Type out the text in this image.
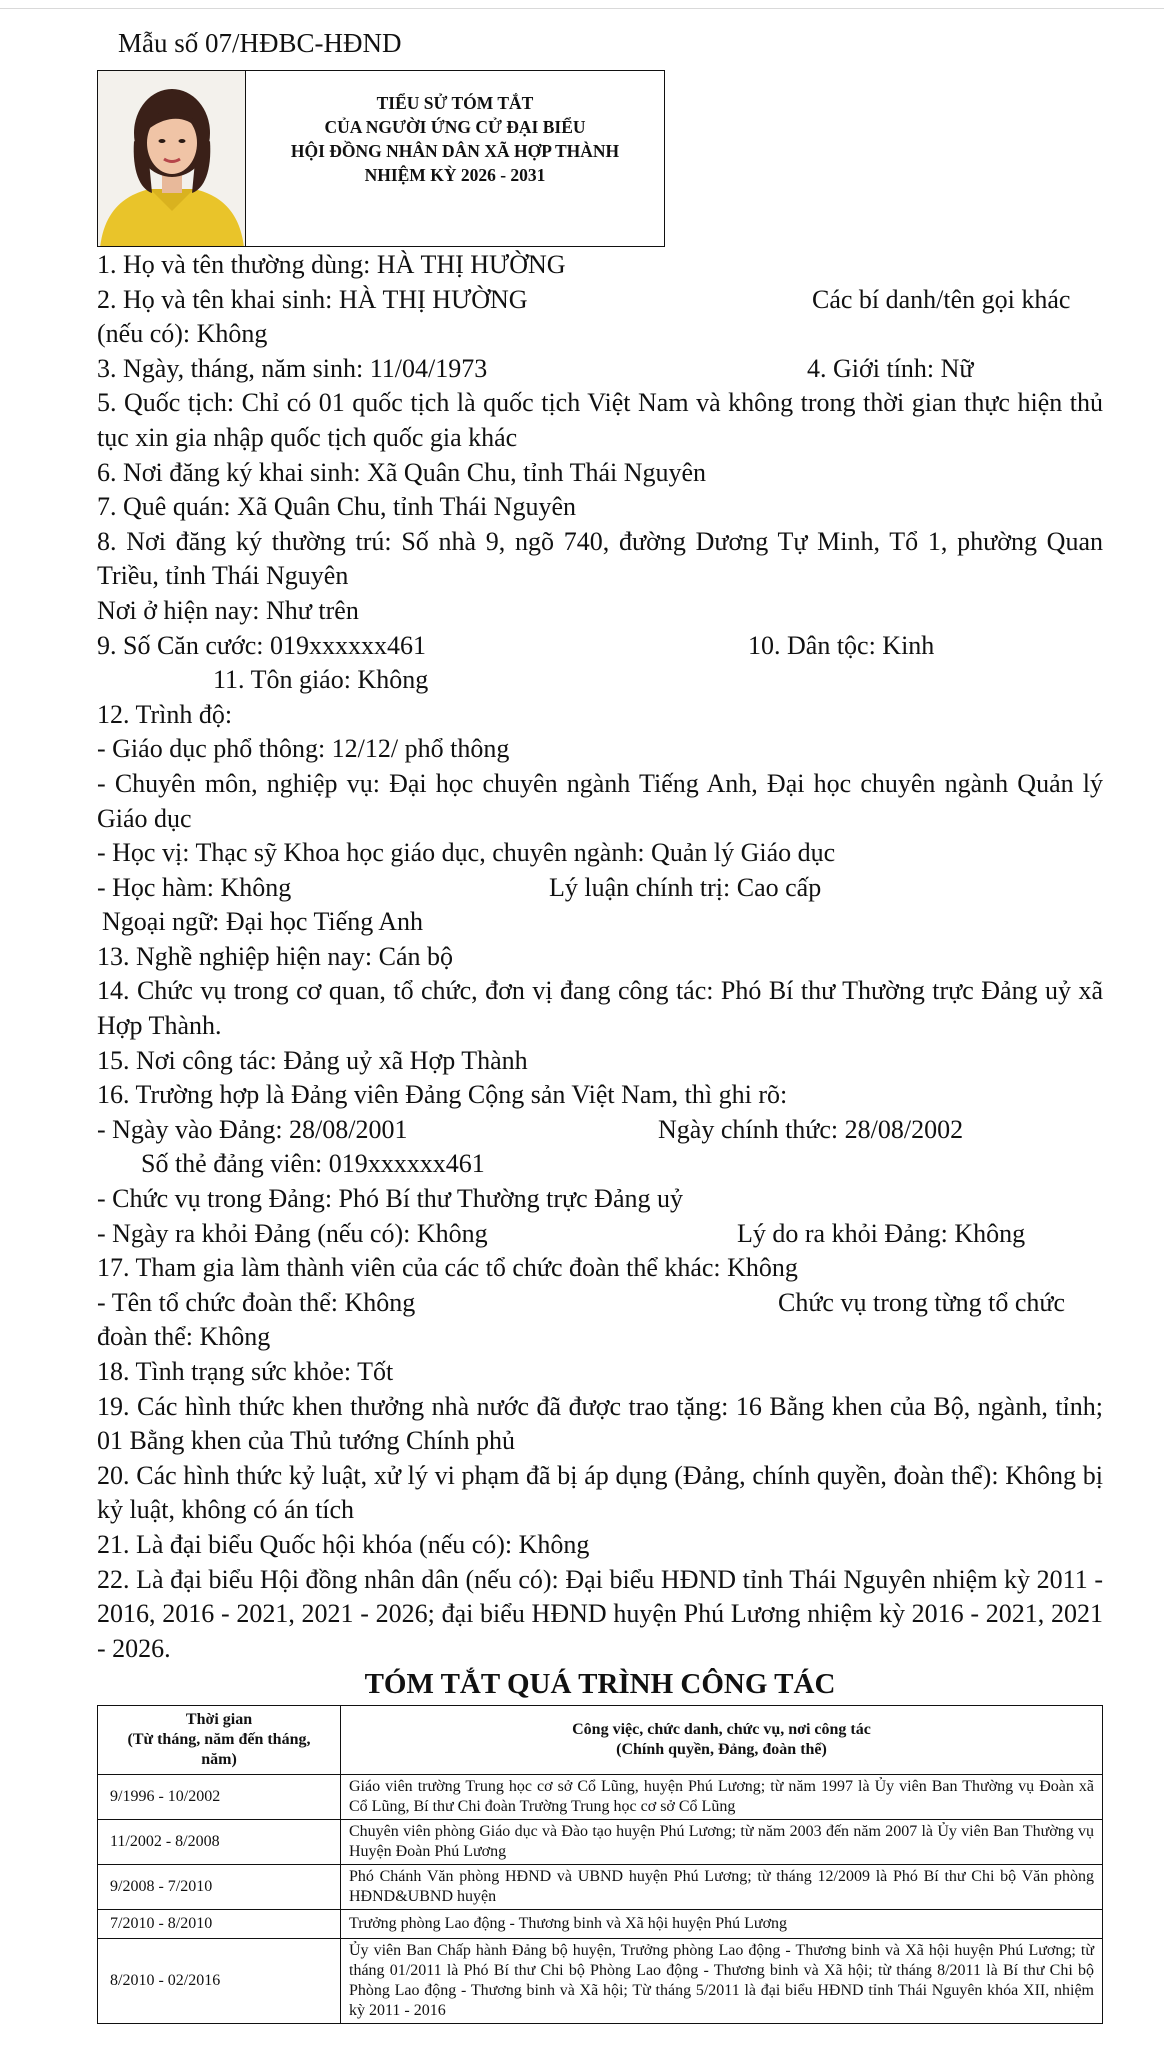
Mẫu số 07/HĐBC-HĐND
TIỂU SỬ TÓM TẮT
CỦA NGƯỜI ỨNG CỬ ĐẠI BIỂU
HỘI ĐỒNG NHÂN DÂN XÃ HỢP THÀNH
NHIỆM KỲ 2026 - 2031
1. Họ và tên thường dùng: HÀ THỊ HƯỜNG
2. Họ và tên khai sinh: HÀ THỊ HƯỜNG	Các bí danh/tên gọi khác
(nếu có): Không
3. Ngày, tháng, năm sinh: 11/04/1973	4. Giới tính: Nữ
5. Quốc tịch: Chỉ có 01 quốc tịch là quốc tịch Việt Nam và không trong thời gian thực hiện thủ tục xin gia nhập quốc tịch quốc gia khác
6. Nơi đăng ký khai sinh: Xã Quân Chu, tỉnh Thái Nguyên
7. Quê quán: Xã Quân Chu, tỉnh Thái Nguyên
8. Nơi đăng ký thường trú: Số nhà 9, ngõ 740, đường Dương Tự Minh, Tổ 1, phường Quan Triều, tỉnh Thái Nguyên
Nơi ở hiện nay: Như trên
9. Số Căn cước: 019xxxxxx461	10. Dân tộc: Kinh
11. Tôn giáo: Không
12. Trình độ:
- Giáo dục phổ thông: 12/12/ phổ thông
- Chuyên môn, nghiệp vụ: Đại học chuyên ngành Tiếng Anh, Đại học chuyên ngành Quản lý Giáo dục
- Học vị: Thạc sỹ Khoa học giáo dục, chuyên ngành: Quản lý Giáo dục
- Học hàm: Không	Lý luận chính trị: Cao cấp
Ngoại ngữ: Đại học Tiếng Anh
13. Nghề nghiệp hiện nay: Cán bộ
14. Chức vụ trong cơ quan, tổ chức, đơn vị đang công tác: Phó Bí thư Thường trực Đảng uỷ xã Hợp Thành.
15. Nơi công tác: Đảng uỷ xã Hợp Thành
16. Trường hợp là Đảng viên Đảng Cộng sản Việt Nam, thì ghi rõ:
- Ngày vào Đảng: 28/08/2001	Ngày chính thức: 28/08/2002
Số thẻ đảng viên: 019xxxxxx461
- Chức vụ trong Đảng: Phó Bí thư Thường trực Đảng uỷ
- Ngày ra khỏi Đảng (nếu có): Không	Lý do ra khỏi Đảng: Không
17. Tham gia làm thành viên của các tổ chức đoàn thể khác: Không
- Tên tổ chức đoàn thể: Không	Chức vụ trong từng tổ chức
đoàn thể: Không
18. Tình trạng sức khỏe: Tốt
19. Các hình thức khen thưởng nhà nước đã được trao tặng: 16 Bằng khen của Bộ, ngành, tỉnh; 01 Bằng khen của Thủ tướng Chính phủ
20. Các hình thức kỷ luật, xử lý vi phạm đã bị áp dụng (Đảng, chính quyền, đoàn thể): Không bị kỷ luật, không có án tích
21. Là đại biểu Quốc hội khóa (nếu có): Không
22. Là đại biểu Hội đồng nhân dân (nếu có): Đại biểu HĐND tỉnh Thái Nguyên nhiệm kỳ 2011 - 2016, 2016 - 2021, 2021 - 2026; đại biểu HĐND huyện Phú Lương nhiệm kỳ 2016 - 2021, 2021 - 2026.
TÓM TẮT QUÁ TRÌNH CÔNG TÁC
Thời gian
(Từ tháng, năm đến tháng,
năm)	Công việc, chức danh, chức vụ, nơi công tác
(Chính quyền, Đảng, đoàn thể)

9/1996 - 10/2002	Giáo viên trường Trung học cơ sở Cổ Lũng, huyện Phú Lương; từ năm 1997 là Ủy viên Ban Thường vụ Đoàn xã Cổ Lũng, Bí thư Chi đoàn Trường Trung học cơ sở Cổ Lũng
11/2002 - 8/2008	Chuyên viên phòng Giáo dục và Đào tạo huyện Phú Lương; từ năm 2003 đến năm 2007 là Ủy viên Ban Thường vụ Huyện Đoàn Phú Lương
9/2008 - 7/2010	Phó Chánh Văn phòng HĐND và UBND huyện Phú Lương; từ tháng 12/2009 là Phó Bí thư Chi bộ Văn phòng HĐND&UBND huyện
7/2010 - 8/2010	Trưởng phòng Lao động - Thương binh và Xã hội huyện Phú Lương
8/2010 - 02/2016	Ủy viên Ban Chấp hành Đảng bộ huyện, Trưởng phòng Lao động - Thương binh và Xã hội huyện Phú Lương; từ tháng 01/2011 là Phó Bí thư Chi bộ Phòng Lao động - Thương binh và Xã hội; từ tháng 8/2011 là Bí thư Chi bộ Phòng Lao động - Thương binh và Xã hội; Từ tháng 5/2011 là đại biểu HĐND tỉnh Thái Nguyên khóa XII, nhiệm kỳ 2011 - 2016
